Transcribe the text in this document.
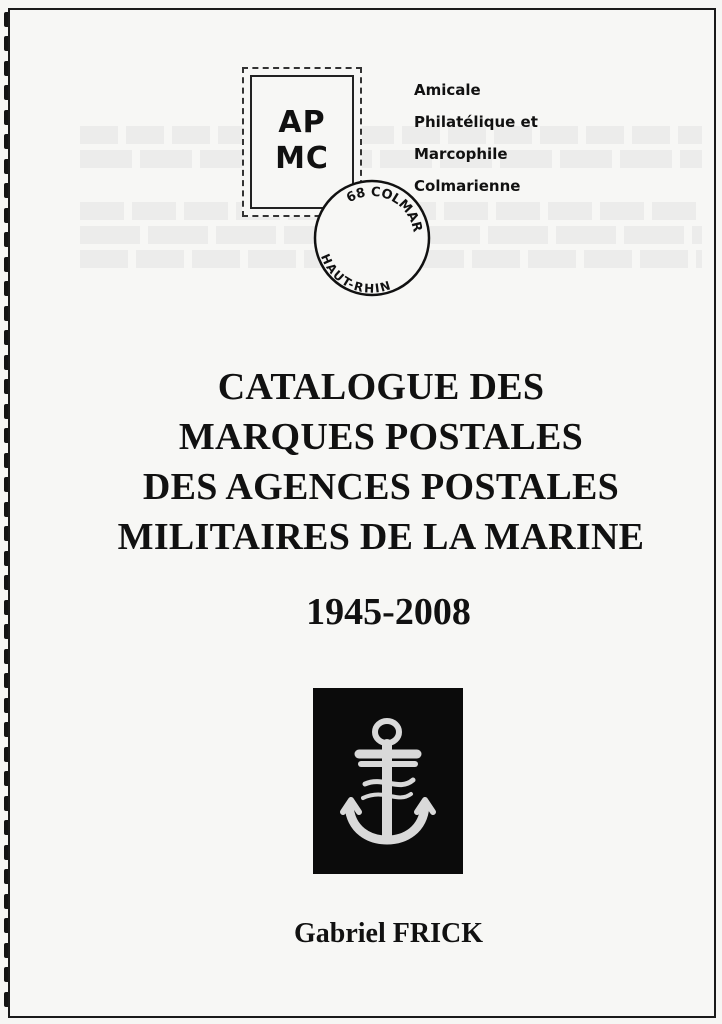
AP
MC
Amicale
Philatélique et
Marcophile
Colmarienne
68 COLMAR
HAUT-RHIN
CATALOGUE DES
MARQUES POSTALES
DES AGENCES POSTALES
MILITAIRES DE LA MARINE
1945-2008
Gabriel FRICK
